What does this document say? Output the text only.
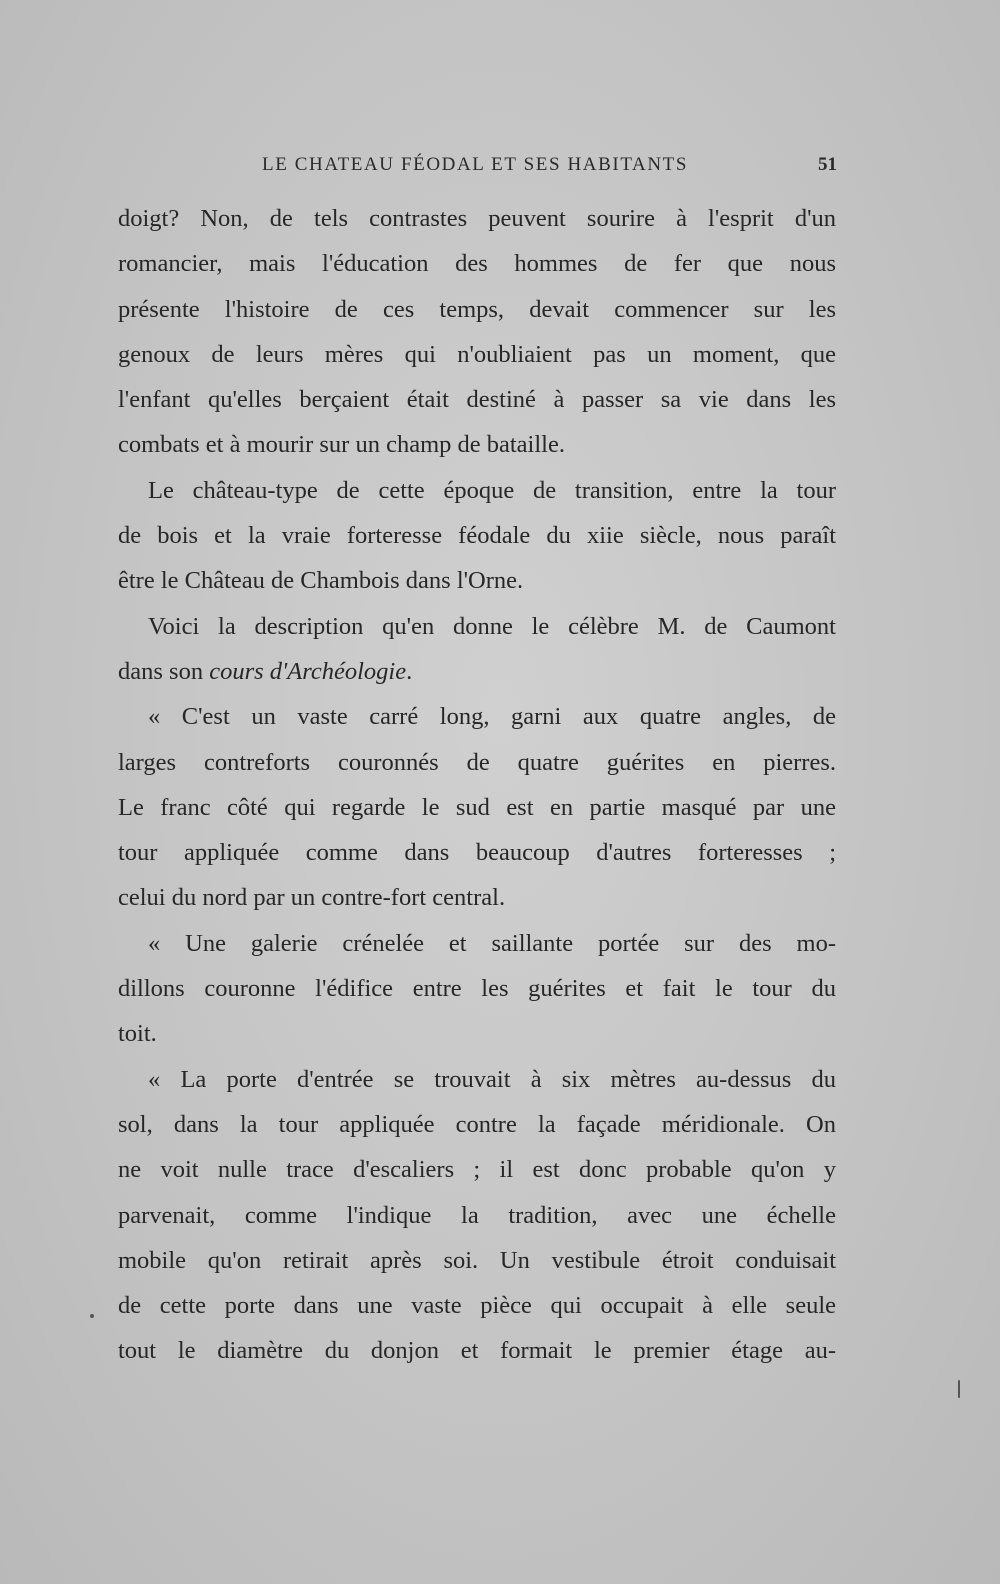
LE CHATEAU FÉODAL ET SES HABITANTS	51
doigt? Non, de tels contrastes peuvent sourire à l'esprit d'un
romancier, mais l'éducation des hommes de fer que nous
présente l'histoire de ces temps, devait commencer sur les
genoux de leurs mères qui n'oubliaient pas un moment, que
l'enfant qu'elles berçaient était destiné à passer sa vie dans les
combats et à mourir sur un champ de bataille.
Le château-type de cette époque de transition, entre la tour
de bois et la vraie forteresse féodale du xiie siècle, nous paraît
être le Château de Chambois dans l'Orne.
Voici la description qu'en donne le célèbre M. de Caumont
dans son cours d'Archéologie.
« C'est un vaste carré long, garni aux quatre angles, de
larges contreforts couronnés de quatre guérites en pierres.
Le franc côté qui regarde le sud est en partie masqué par une
tour appliquée comme dans beaucoup d'autres forteresses ;
celui du nord par un contre-fort central.
« Une galerie crénelée et saillante portée sur des mo-
dillons couronne l'édifice entre les guérites et fait le tour du
toit.
« La porte d'entrée se trouvait à six mètres au-dessus du
sol, dans la tour appliquée contre la façade méridionale. On
ne voit nulle trace d'escaliers ; il est donc probable qu'on y
parvenait, comme l'indique la tradition, avec une échelle
mobile qu'on retirait après soi. Un vestibule étroit conduisait
de cette porte dans une vaste pièce qui occupait à elle seule
tout le diamètre du donjon et formait le premier étage au-
